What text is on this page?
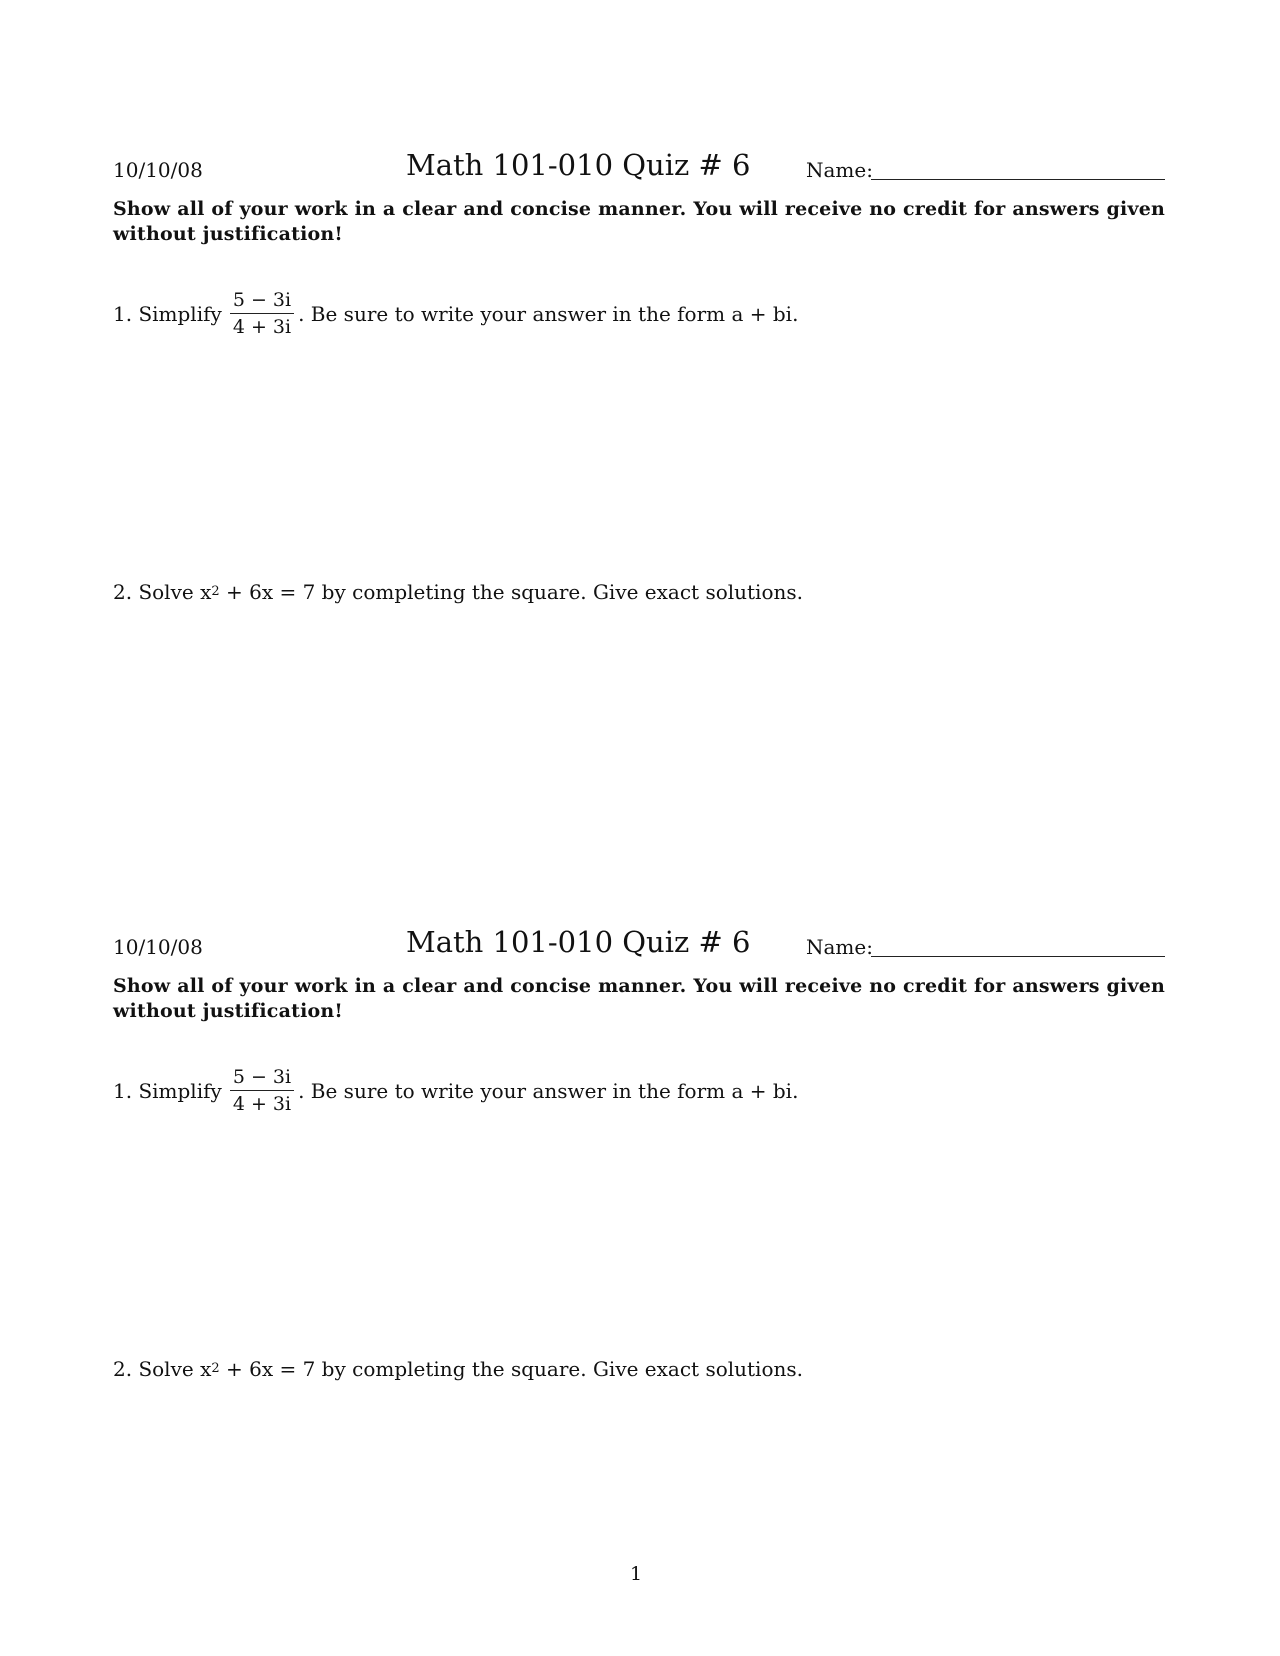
10/10/08	Math 101-010 Quiz # 6	Name:
Show all of your work in a clear and concise manner. You will receive no credit for answers given without justification!
1. Simplify $\frac{5 - 3i}{4 + 3i}$ . Be sure to write your answer in the form a + bi.
2. Solve x 2 + 6x = 7 by completing the square. Give exact solutions.
10/10/08	Math 101-010 Quiz # 6	Name:
Show all of your work in a clear and concise manner. You will receive no credit for answers given without justification!
1. Simplify $\frac{5 - 3i}{4 + 3i}$ . Be sure to write your answer in the form a + bi.
2. Solve x 2 + 6x = 7 by completing the square. Give exact solutions.
1
